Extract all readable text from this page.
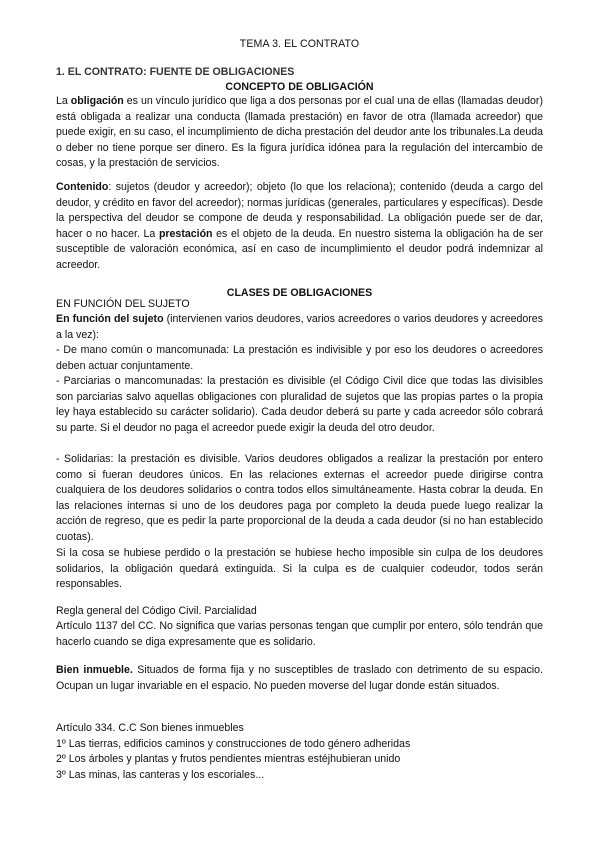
TEMA 3. EL CONTRATO
1. EL CONTRATO: FUENTE DE OBLIGACIONES
CONCEPTO DE OBLIGACIÓN

La obligación es un vínculo jurídico que liga a dos personas por el cual una de ellas (llamadas deudor) está obligada a realizar una conducta (llamada prestación) en favor de otra (llamada acreedor) que puede exigir, en su caso, el incumplimiento de dicha prestación del deudor ante los tribunales.La deuda o deber no tiene porque ser dinero. Es la figura jurídica idónea para la regulación del intercambio de cosas, y la prestación de servicios.

Contenido: sujetos (deudor y acreedor); objeto (lo que los relaciona); contenido (deuda a cargo del deudor, y crédito en favor del acreedor); normas jurídicas (generales, particulares y específicas). Desde la perspectiva del deudor se compone de deuda y responsabilidad. La obligación puede ser de dar, hacer o no hacer. La prestación es el objeto de la deuda. En nuestro sistema la obligación ha de ser susceptible de valoración económica, así en caso de incumplimiento el deudor podrá indemnizar al acreedor.

CLASES DE OBLIGACIONES
EN FUNCIÓN DEL SUJETO

En función del sujeto (intervienen varios deudores, varios acreedores o varios deudores y acreedores a la vez):

- De mano común o mancomunada: La prestación es indivisible y por eso los deudores o acreedores deben actuar conjuntamente.

- Parciarias o mancomunadas: la prestación es divisible (el Código Civil dice que todas las divisibles son parciarias salvo aquellas obligaciones con pluralidad de sujetos que las propias partes o la propia ley haya establecido su carácter solidario). Cada deudor deberá su parte y cada acreedor sólo cobrará su parte. Si el deudor no paga el acreedor puede exigir la deuda del otro deudor.

- Solidarias: la prestación es divisible. Varios deudores obligados a realizar la prestación por entero como si fueran deudores únicos. En las relaciones externas el acreedor puede dirigirse contra cualquiera de los deudores solidarios o contra todos ellos simultáneamente. Hasta cobrar la deuda. En las relaciones internas si uno de los deudores paga por completo la deuda puede luego realizar la acción de regreso, que es pedir la parte proporcional de la deuda a cada deudor (si no han establecido cuotas).

Si la cosa se hubiese perdido o la prestación se hubiese hecho imposible sin culpa de los deudores solidarios, la obligación quedará extinguida. Si la culpa es de cualquier codeudor, todos serán responsables.

Regla general del Código Civil. Parcialidad

Artículo 1137 del CC. No significa que varias personas tengan que cumplir por entero, sólo tendrán que hacerlo cuando se diga expresamente que es solidario.

Bien inmueble. Situados de forma fija y no susceptibles de traslado con detrimento de su espacio. Ocupan un lugar invariable en el espacio. No pueden moverse del lugar donde están situados.

Artículo 334. C.C Son bienes inmuebles
1º Las tierras, edificios caminos y construcciones de todo género adheridas
2º Los árboles y plantas y frutos pendientes mientras estéjhubieran unido
3º Las minas, las canteras y los escoriales...
